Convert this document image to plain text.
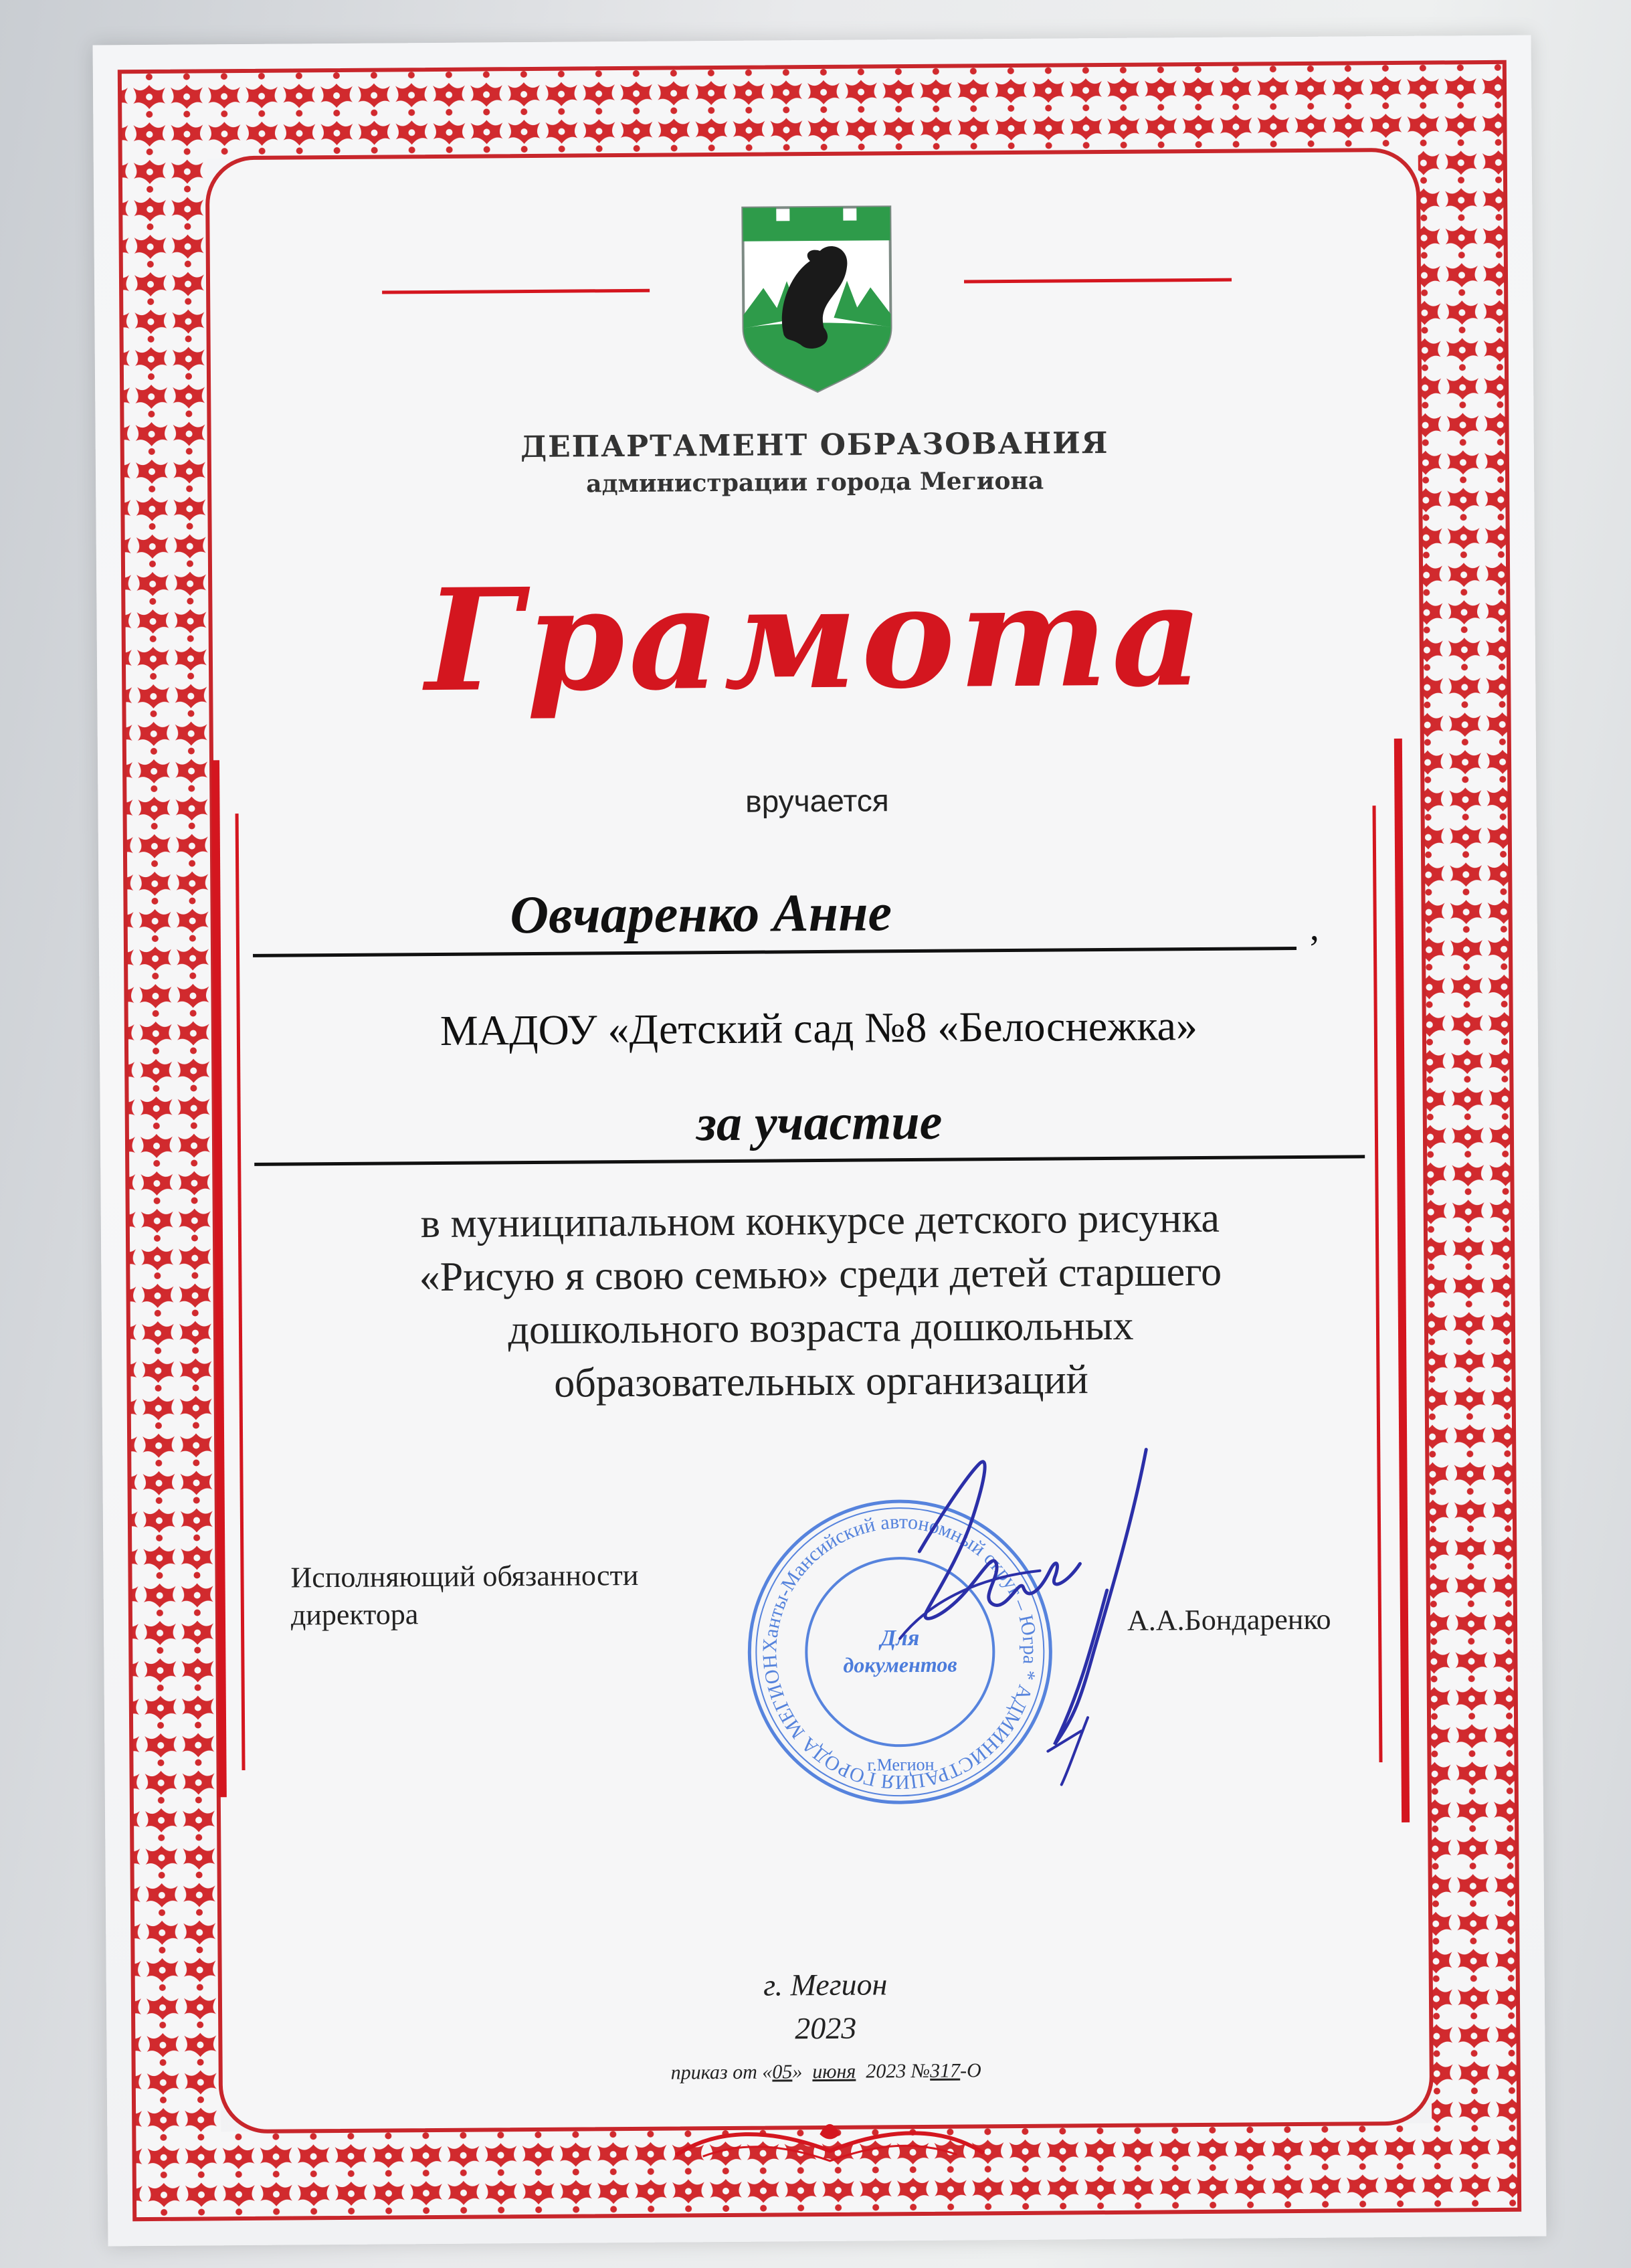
ДЕПАРТАМЕНТ ОБРАЗОВАНИЯ
администрации города Мегиона
Грамота
вручается
Овчаренко Анне	,
МАДОУ «Детский сад №8 «Белоснежка»
за участие
в муниципальном конкурсе детского рисунка
«Рисую я свою семью» среди детей старшего
дошкольного возраста дошкольных
образовательных организаций
Исполняющий обязанности
директора
Ханты-Мансийский автономный округ – Югра * АДМИНИСТРАЦИЯ ГОРОДА МЕГИОНА
Для
документов
г.Мегион
А.А.Бондаренко
г. Мегион
2023
приказ от «05» июня 2023 №317-О
